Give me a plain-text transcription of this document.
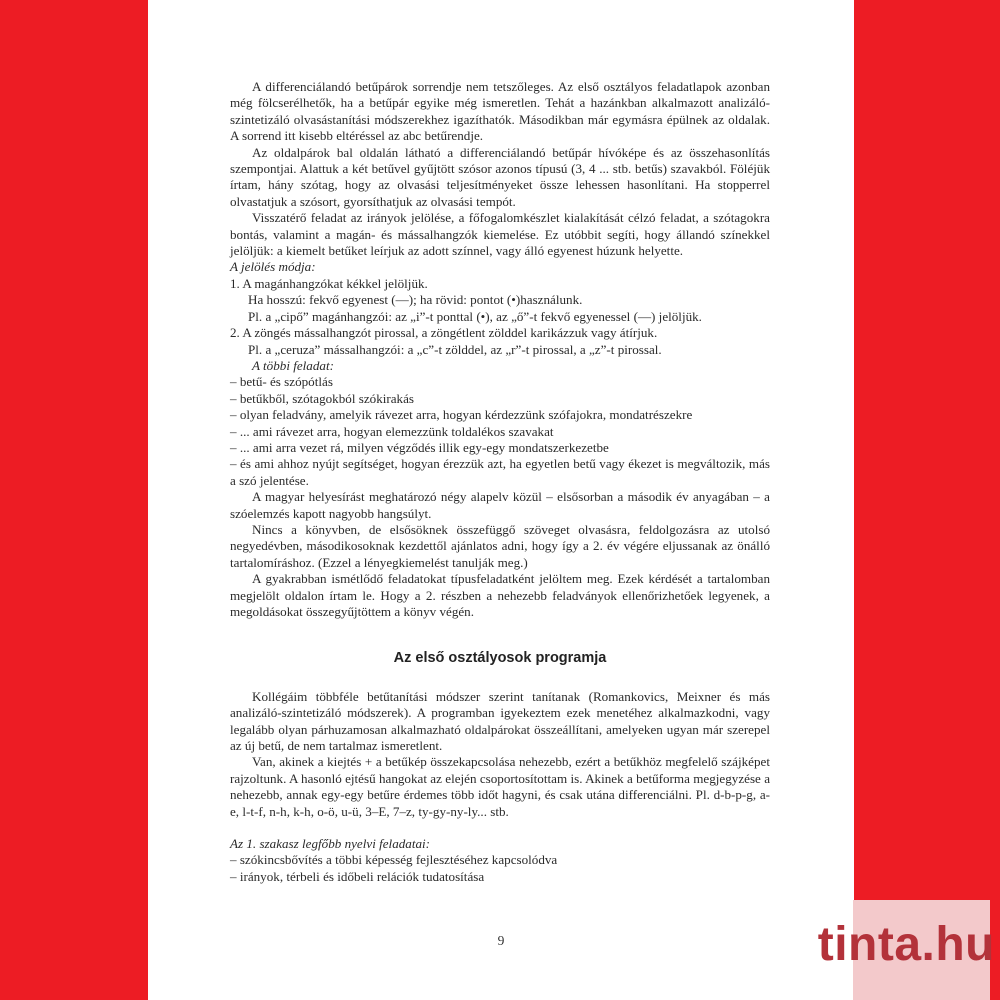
A differenciálandó betűpárok sorrendje nem tetszőleges. Az első osztályos feladatlapok azonban még fölcserélhetők, ha a betűpár egyike még ismeretlen. Tehát a hazánkban alkalmazott analizáló-szintetizáló olvasástanítási módszerekhez igazíthatók. Másodikban már egymásra épülnek az oldalak. A sorrend itt kisebb eltéréssel az abc betűrendje.

Az oldalpárok bal oldalán látható a differenciálandó betűpár hívóképe és az összehasonlítás szempontjai. Alattuk a két betűvel gyűjtött szósor azonos típusú (3, 4 ... stb. betűs) szavakból. Föléjük írtam, hány szótag, hogy az olvasási teljesítményeket össze lehessen hasonlítani. Ha stopperrel olvastatjuk a szósort, gyorsíthatjuk az olvasási tempót.

Visszatérő feladat az irányok jelölése, a főfogalomkészlet kialakítását célzó feladat, a szótagokra bontás, valamint a magán- és mássalhangzók kiemelése. Ez utóbbit segíti, hogy állandó színekkel jelöljük: a kiemelt betűket leírjuk az adott színnel, vagy álló egyenest húzunk helyette.

A jelölés módja:

1. A magánhangzókat kékkel jelöljük.

Ha hosszú: fekvő egyenest (—); ha rövid: pontot (•)használunk.

Pl. a „cipő” magánhangzói: az „i”-t ponttal (•), az „ő”-t fekvő egyenessel (—) jelöljük.

2. A zöngés mássalhangzót pirossal, a zöngétlent zölddel karikázzuk vagy átírjuk.

Pl. a „ceruza” mássalhangzói: a „c”-t zölddel, az „r”-t pirossal, a „z”-t pirossal.

A többi feladat:

– betű- és szópótlás

– betűkből, szótagokból szókirakás

– olyan feladvány, amelyik rávezet arra, hogyan kérdezzünk szófajokra, mondatrészekre

– ... ami rávezet arra, hogyan elemezzünk toldalékos szavakat

– ... ami arra vezet rá, milyen végződés illik egy-egy mondatszerkezetbe

– és ami ahhoz nyújt segítséget, hogyan érezzük azt, ha egyetlen betű vagy ékezet is megváltozik, más a szó jelentése.

A magyar helyesírást meghatározó négy alapelv közül – elsősorban a második év anyagában – a szóelemzés kapott nagyobb hangsúlyt.

Nincs a könyvben, de elsősöknek összefüggő szöveget olvasásra, feldolgozásra az utolsó negyedévben, másodikosoknak kezdettől ajánlatos adni, hogy így a 2. év végére eljussanak az önálló tartalomíráshoz. (Ezzel a lényegkiemelést tanulják meg.)

A gyakrabban ismétlődő feladatokat típusfeladatként jelöltem meg. Ezek kérdését a tartalomban megjelölt oldalon írtam le. Hogy a 2. részben a nehezebb feladványok ellenőrizhetőek legyenek, a megoldásokat összegyűjtöttem a könyv végén.

Az első osztályosok programja

Kollégáim többféle betűtanítási módszer szerint tanítanak (Romankovics, Meixner és más analizáló-szintetizáló módszerek). A programban igyekeztem ezek menetéhez alkalmazkodni, vagy legalább olyan párhuzamosan alkalmazható oldalpárokat összeállítani, amelyeken ugyan már szerepel az új betű, de nem tartalmaz ismeretlent.

Van, akinek a kiejtés + a betűkép összekapcsolása nehezebb, ezért a betűkhöz megfelelő szájképet rajzoltunk. A hasonló ejtésű hangokat az elején csoportosítottam is. Akinek a betűforma megjegyzése a nehezebb, annak egy-egy betűre érdemes több időt hagyni, és csak utána differenciálni. Pl. d-b-p-g, a-e, l-t-f, n-h, k-h, o-ö, u-ü, 3–E, 7–z, ty-gy-ny-ly... stb.

Az 1. szakasz legfőbb nyelvi feladatai:

– szókincsbővítés a többi képesség fejlesztéséhez kapcsolódva

– irányok, térbeli és időbeli relációk tudatosítása

9	tinta.hu
